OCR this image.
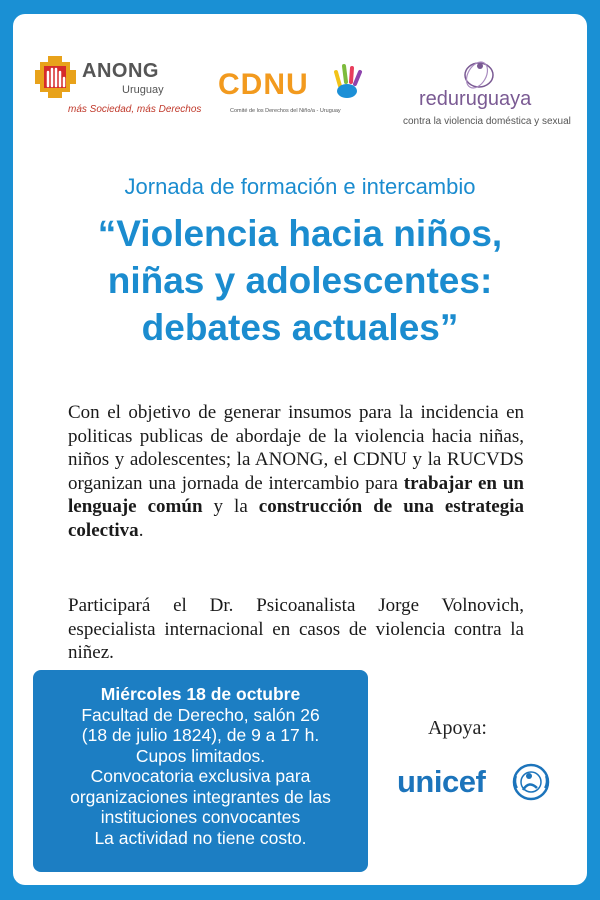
ANONG
Uruguay
más Sociedad, más Derechos
CDNU
Comité de los Derechos del Niño/a - Uruguay
reduruguaya
contra la violencia doméstica y sexual
Jornada de formación e intercambio
“Violencia hacia niños,
niñas y adolescentes:
debates actuales”
Con el objetivo de generar insumos para la incidencia en politicas publicas de abordaje de la violencia hacia niñas, niños y adolescentes; la ANONG, el CDNU y la RUCVDS organizan una jornada de intercambio para trabajar en un lenguaje común y la construcción de una estrategia colectiva.
Participará el Dr. Psicoanalista Jorge Volnovich, especialista internacional en casos de violencia contra la niñez.
Miércoles 18 de octubre
Facultad de Derecho, salón 26
(18 de julio 1824), de 9 a 17 h.
Cupos limitados.
Convocatoria exclusiva para
organizaciones integrantes de las
instituciones convocantes
La actividad no tiene costo.
Apoya:
unicef
